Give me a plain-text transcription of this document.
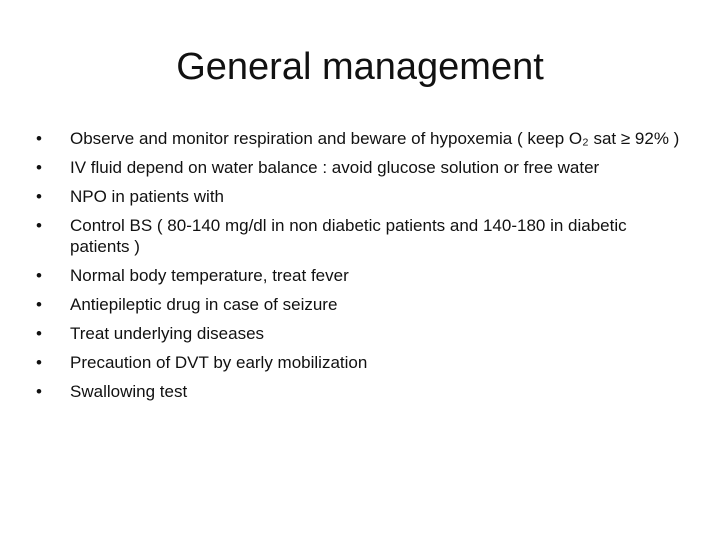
General management
•	Observe and monitor respiration and beware of hypoxemia ( keep O₂ sat ≥ 92% )
•	IV fluid depend on water balance : avoid glucose solution or free water
•	NPO in patients with
•	Control BS ( 80-140 mg/dl in non diabetic patients and 140-180 in diabetic patients )
•	Normal body temperature, treat fever
•	Antiepileptic drug in case of seizure
•	Treat underlying diseases
•	Precaution of DVT by early mobilization
•	Swallowing test
